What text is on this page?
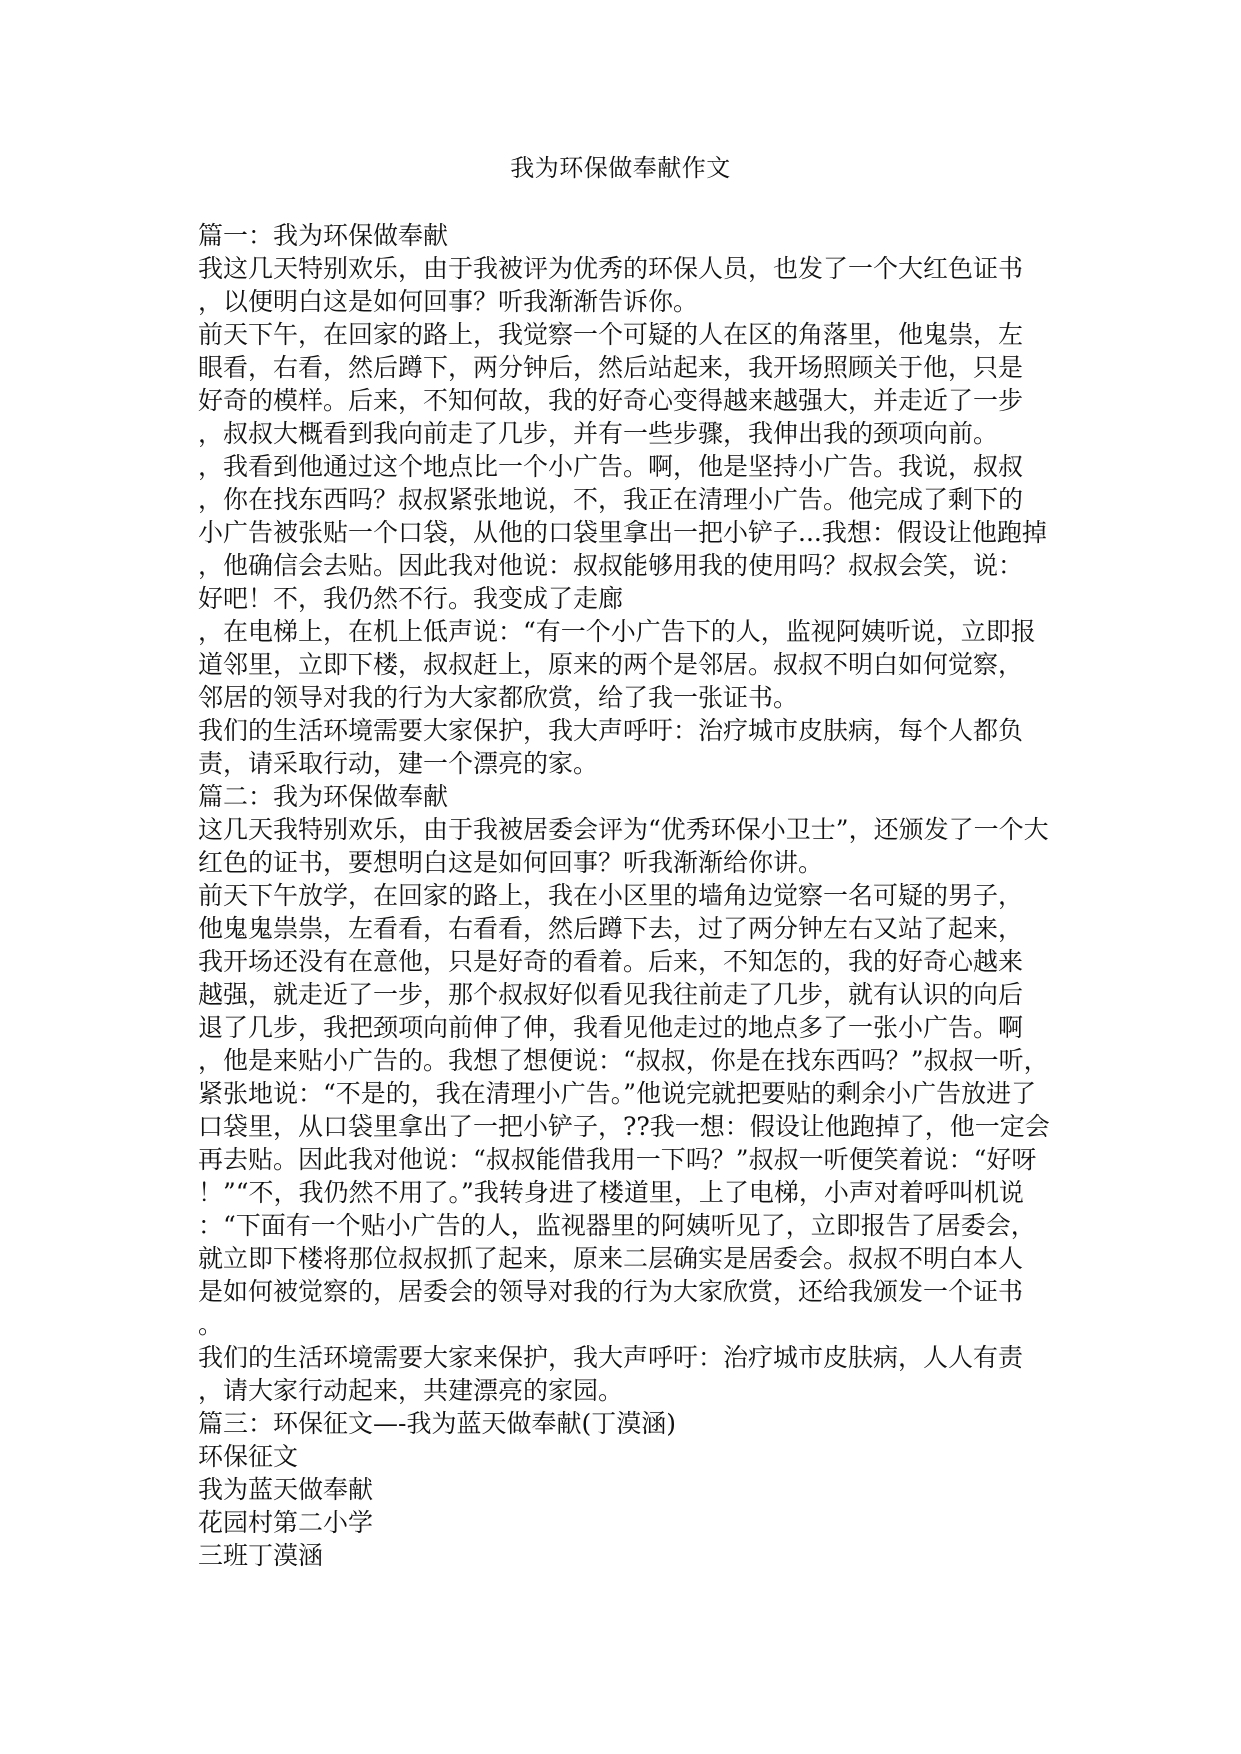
我为环保做奉献作文
篇一：我为环保做奉献
我这几天特别欢乐，由于我被评为优秀的环保人员，也发了一个大红色证书
，以便明白这是如何回事？听我渐渐告诉你。
前天下午，在回家的路上，我觉察一个可疑的人在区的角落里，他鬼祟，左
眼看，右看，然后蹲下，两分钟后，然后站起来，我开场照顾关于他，只是
好奇的模样。后来，不知何故，我的好奇心变得越来越强大，并走近了一步
，叔叔大概看到我向前走了几步，并有一些步骤，我伸出我的颈项向前。
，我看到他通过这个地点比一个小广告。啊，他是坚持小广告。我说，叔叔
，你在找东西吗？叔叔紧张地说，不，我正在清理小广告。他完成了剩下的
小广告被张贴一个口袋，从他的口袋里拿出一把小铲子...我想：假设让他跑掉
，他确信会去贴。因此我对他说：叔叔能够用我的使用吗？叔叔会笑，说：
好吧！不，我仍然不行。我变成了走廊
，在电梯上，在机上低声说：“有一个小广告下的人，监视阿姨听说，立即报
道邻里，立即下楼，叔叔赶上，原来的两个是邻居。叔叔不明白如何觉察，
邻居的领导对我的行为大家都欣赏，给了我一张证书。
我们的生活环境需要大家保护，我大声呼吁：治疗城市皮肤病，每个人都负
责，请采取行动，建一个漂亮的家。
篇二：我为环保做奉献
这几天我特别欢乐，由于我被居委会评为“优秀环保小卫士”，还颁发了一个大
红色的证书，要想明白这是如何回事？听我渐渐给你讲。
前天下午放学，在回家的路上，我在小区里的墙角边觉察一名可疑的男子，
他鬼鬼祟祟，左看看，右看看，然后蹲下去，过了两分钟左右又站了起来，
我开场还没有在意他，只是好奇的看着。后来，不知怎的，我的好奇心越来
越强，就走近了一步，那个叔叔好似看见我往前走了几步，就有认识的向后
退了几步，我把颈项向前伸了伸，我看见他走过的地点多了一张小广告。啊
，他是来贴小广告的。我想了想便说：“叔叔，你是在找东西吗？”叔叔一听，
紧张地说：“不是的，我在清理小广告。”他说完就把要贴的剩余小广告放进了
口袋里，从口袋里拿出了一把小铲子，??我一想：假设让他跑掉了，他一定会
再去贴。因此我对他说：“叔叔能借我用一下吗？”叔叔一听便笑着说：“好呀
！”“不，我仍然不用了。”我转身进了楼道里，上了电梯，小声对着呼叫机说
：“下面有一个贴小广告的人，监视器里的阿姨听见了，立即报告了居委会，
就立即下楼将那位叔叔抓了起来，原来二层确实是居委会。叔叔不明白本人
是如何被觉察的，居委会的领导对我的行为大家欣赏，还给我颁发一个证书
。
我们的生活环境需要大家来保护，我大声呼吁：治疗城市皮肤病，人人有责
，请大家行动起来，共建漂亮的家园。
篇三：环保征文—-我为蓝天做奉献(丁漠涵)
环保征文
我为蓝天做奉献
花园村第二小学
三班丁漠涵
